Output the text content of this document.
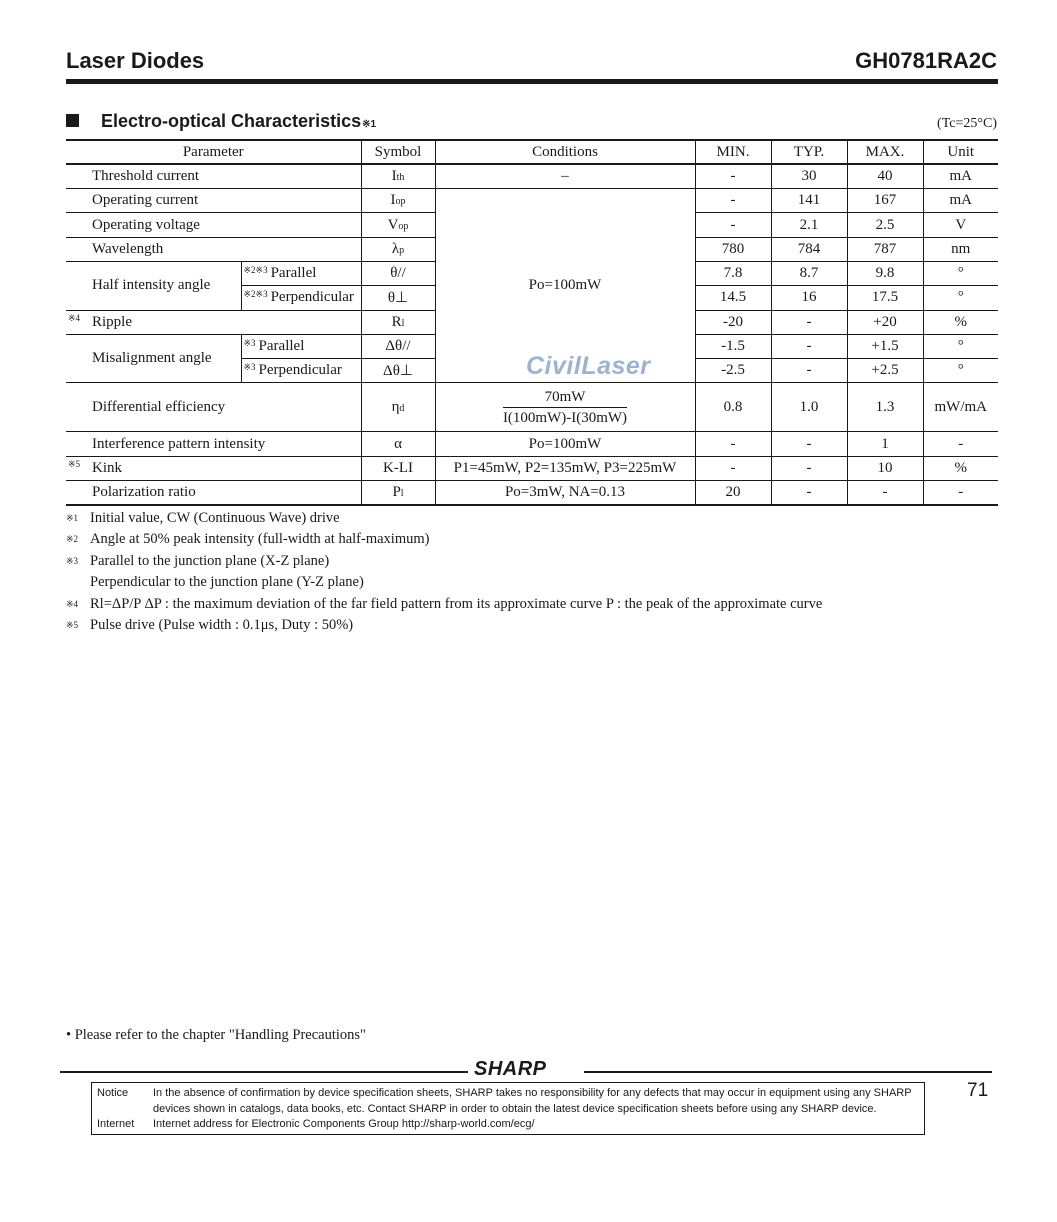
Laser Diodes	GH0781RA2C
Electro-optical Characteristics ※1	(Tc=25°C)
Parameter		Symbol	Conditions	MIN.	TYP.	MAX.	Unit
Threshold current		Ith	–	-	30	40	mA
Operating current		Iop	Po=100mW	-	141	167	mA
Operating voltage		Vop		-	2.1	2.5	V
Wavelength		λp		780	784	787	nm
Half intensity angle	$^{※2※3}$ Parallel	θ//		7.8	8.7	9.8	°
	$^{※2※3}$ Perpendicular	θ⊥		14.5	16	17.5	°

※4 Ripple		Rl		-20	-	+20	%
Misalignment angle	$^{※3}$ Parallel	Δθ//		-1.5	-	+1.5	°
	$^{※3}$ Perpendicular	Δθ⊥		-2.5	-	+2.5	°
Differential efficiency		ηd	$\frac{70mW}{I(100mW)-I(30mW)}$	0.8	1.0	1.3	mW/mA
Interference pattern intensity		α	Po=100mW	-	-	1	-

※5 Kink		K-LI	P1=45mW, P2=135mW, P3=225mW	-	-	10	%
Polarization ratio		Pl	Po=3mW, NA=0.13	20	-	-	-
CivilLaser
※1 Initial value, CW (Continuous Wave) drive
※2 Angle at 50% peak intensity (full-width at half-maximum)
※3 Parallel to the junction plane (X-Z plane)
Perpendicular to the junction plane (Y-Z plane)
※4 Rl=ΔP/P ΔP : the maximum deviation of the far field pattern from its approximate curve P : the peak of the approximate curve
※5 Pulse drive (Pulse width : 0.1μs, Duty : 50%)
• Please refer to the chapter "Handling Precautions"
SHARP
Notice	In the absence of confirmation by device specification sheets, SHARP takes no responsibility for any defects that may occur in equipment using any SHARP
devices shown in catalogs, data books, etc. Contact SHARP in order to obtain the latest device specification sheets before using any SHARP device.
Internet	Internet address for Electronic Components Group http://sharp-world.com/ecg/
71
